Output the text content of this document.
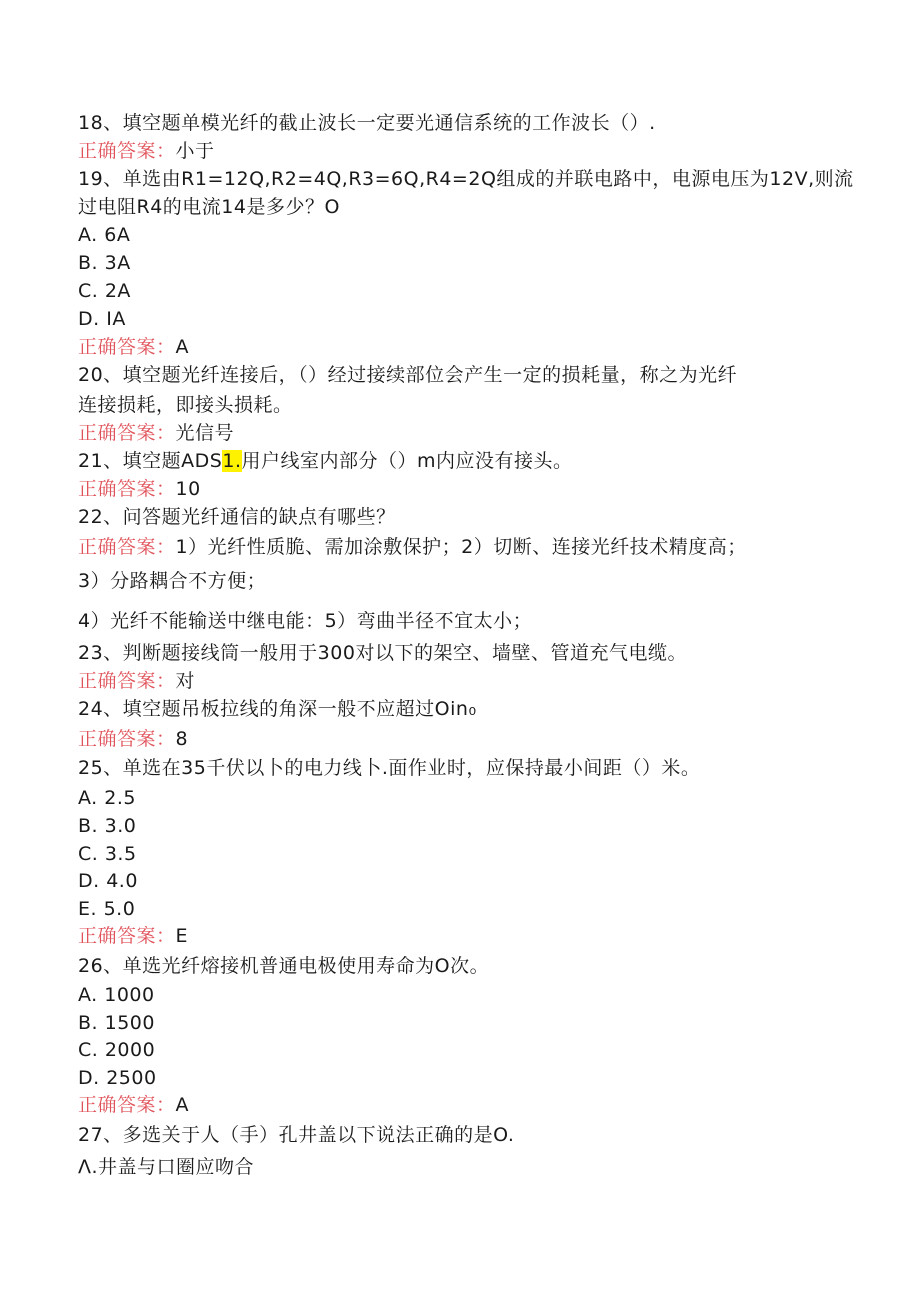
18、填空题单模光纤的截止波长一定要光通信系统的工作波长（）.
正确答案：小于
19、单选由R1=12Q,R2=4Q,R3=6Q,R4=2Q组成的并联电路中，电源电压为12V,则流
过电阻R4的电流14是多少？O
A. 6A
B. 3A
C. 2A
D. IA
正确答案：A
20、填空题光纤连接后，（）经过接续部位会产生一定的损耗量，称之为光纤
连接损耗，即接头损耗。
正确答案：光信号
21、填空题ADS1.用户线室内部分（）m内应没有接头。
正确答案：10
22、问答题光纤通信的缺点有哪些？
正确答案：1）光纤性质脆、需加涂敷保护；2）切断、连接光纤技术精度高；
3）分路耦合不方便；
4）光纤不能输送中继电能：5）弯曲半径不宜太小；
23、判断题接线筒一般用于300对以下的架空、墙壁、管道充气电缆。
正确答案：对
24、填空题吊板拉线的角深一般不应超过Oin₀
正确答案：8
25、单选在35千伏以卜的电力线卜.面作业时，应保持最小间距（）米。
A. 2.5
B. 3.0
C. 3.5
D. 4.0
E. 5.0
正确答案：E
26、单选光纤熔接机普通电极使用寿命为O次。
A. 1000
B. 1500
C. 2000
D. 2500
正确答案：A
27、多选关于人（手）孔井盖以下说法正确的是O.
Λ.井盖与口圈应吻合
